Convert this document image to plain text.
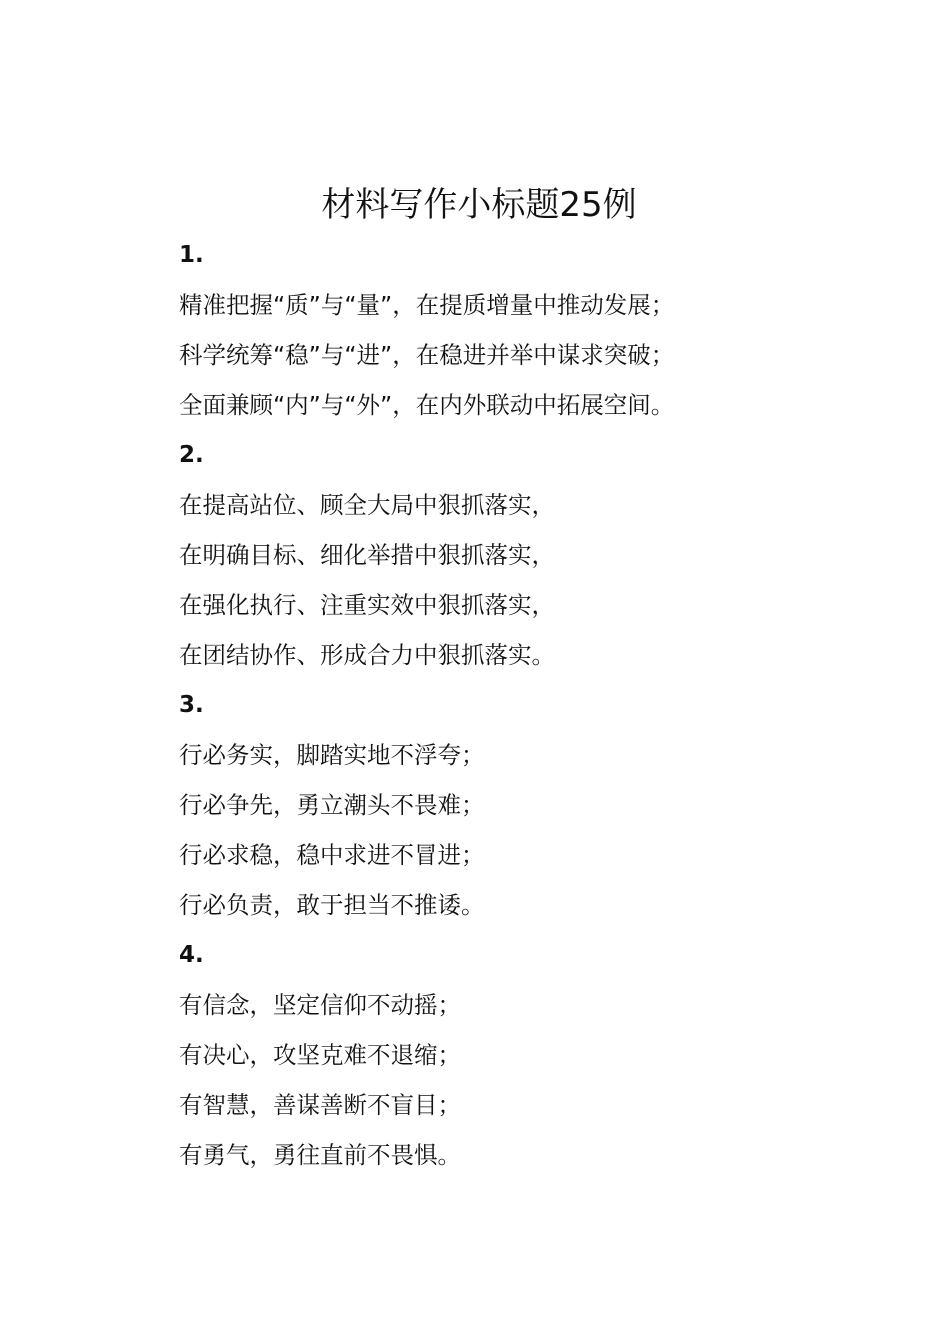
材料写作小标题25例
1.
精准把握“质”与“量”，在提质增量中推动发展；
科学统筹“稳”与“进”，在稳进并举中谋求突破；
全面兼顾“内”与“外”，在内外联动中拓展空间。
2.
在提高站位、顾全大局中狠抓落实，
在明确目标、细化举措中狠抓落实，
在强化执行、注重实效中狠抓落实，
在团结协作、形成合力中狠抓落实。
3.
行必务实，脚踏实地不浮夸；
行必争先，勇立潮头不畏难；
行必求稳，稳中求进不冒进；
行必负责，敢于担当不推诿。
4.
有信念，坚定信仰不动摇；
有决心，攻坚克难不退缩；
有智慧，善谋善断不盲目；
有勇气，勇往直前不畏惧。
